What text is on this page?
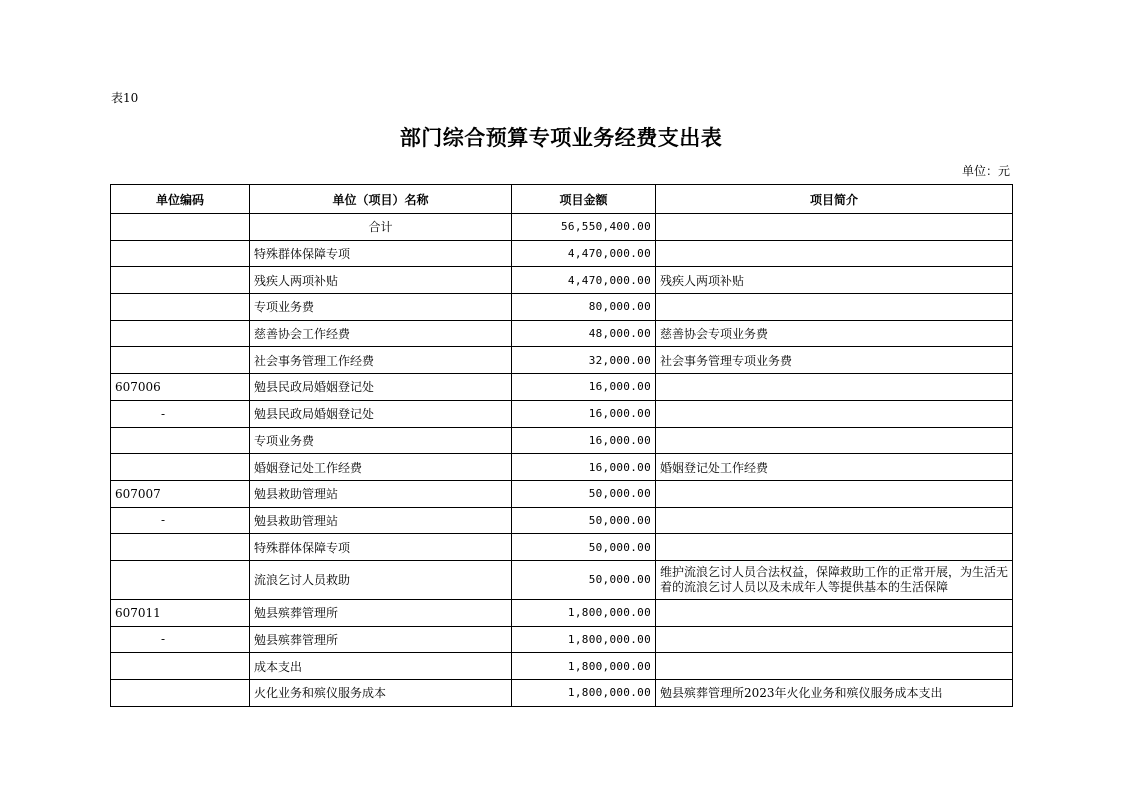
表10
部门综合预算专项业务经费支出表
单位：元
单位编码	单位（项目）名称	项目金额	项目简介
	合计	56,550,400.00	
	特殊群体保障专项	4,470,000.00	
	残疾人两项补贴	4,470,000.00	残疾人两项补贴
	专项业务费	80,000.00	
	慈善协会工作经费	48,000.00	慈善协会专项业务费
	社会事务管理工作经费	32,000.00	社会事务管理专项业务费
607006	勉县民政局婚姻登记处	16,000.00	
-	勉县民政局婚姻登记处	16,000.00	
	专项业务费	16,000.00	
	婚姻登记处工作经费	16,000.00	婚姻登记处工作经费
607007	勉县救助管理站	50,000.00	
-	勉县救助管理站	50,000.00	
	特殊群体保障专项	50,000.00	
	流浪乞讨人员救助	50,000.00	维护流浪乞讨人员合法权益，保障救助工作的正常开展，为生活无着的流浪乞讨人员以及未成年人等提供基本的生活保障
607011	勉县殡葬管理所	1,800,000.00	
-	勉县殡葬管理所	1,800,000.00	
	成本支出	1,800,000.00	
	火化业务和殡仪服务成本	1,800,000.00	勉县殡葬管理所2023年火化业务和殡仪服务成本支出
